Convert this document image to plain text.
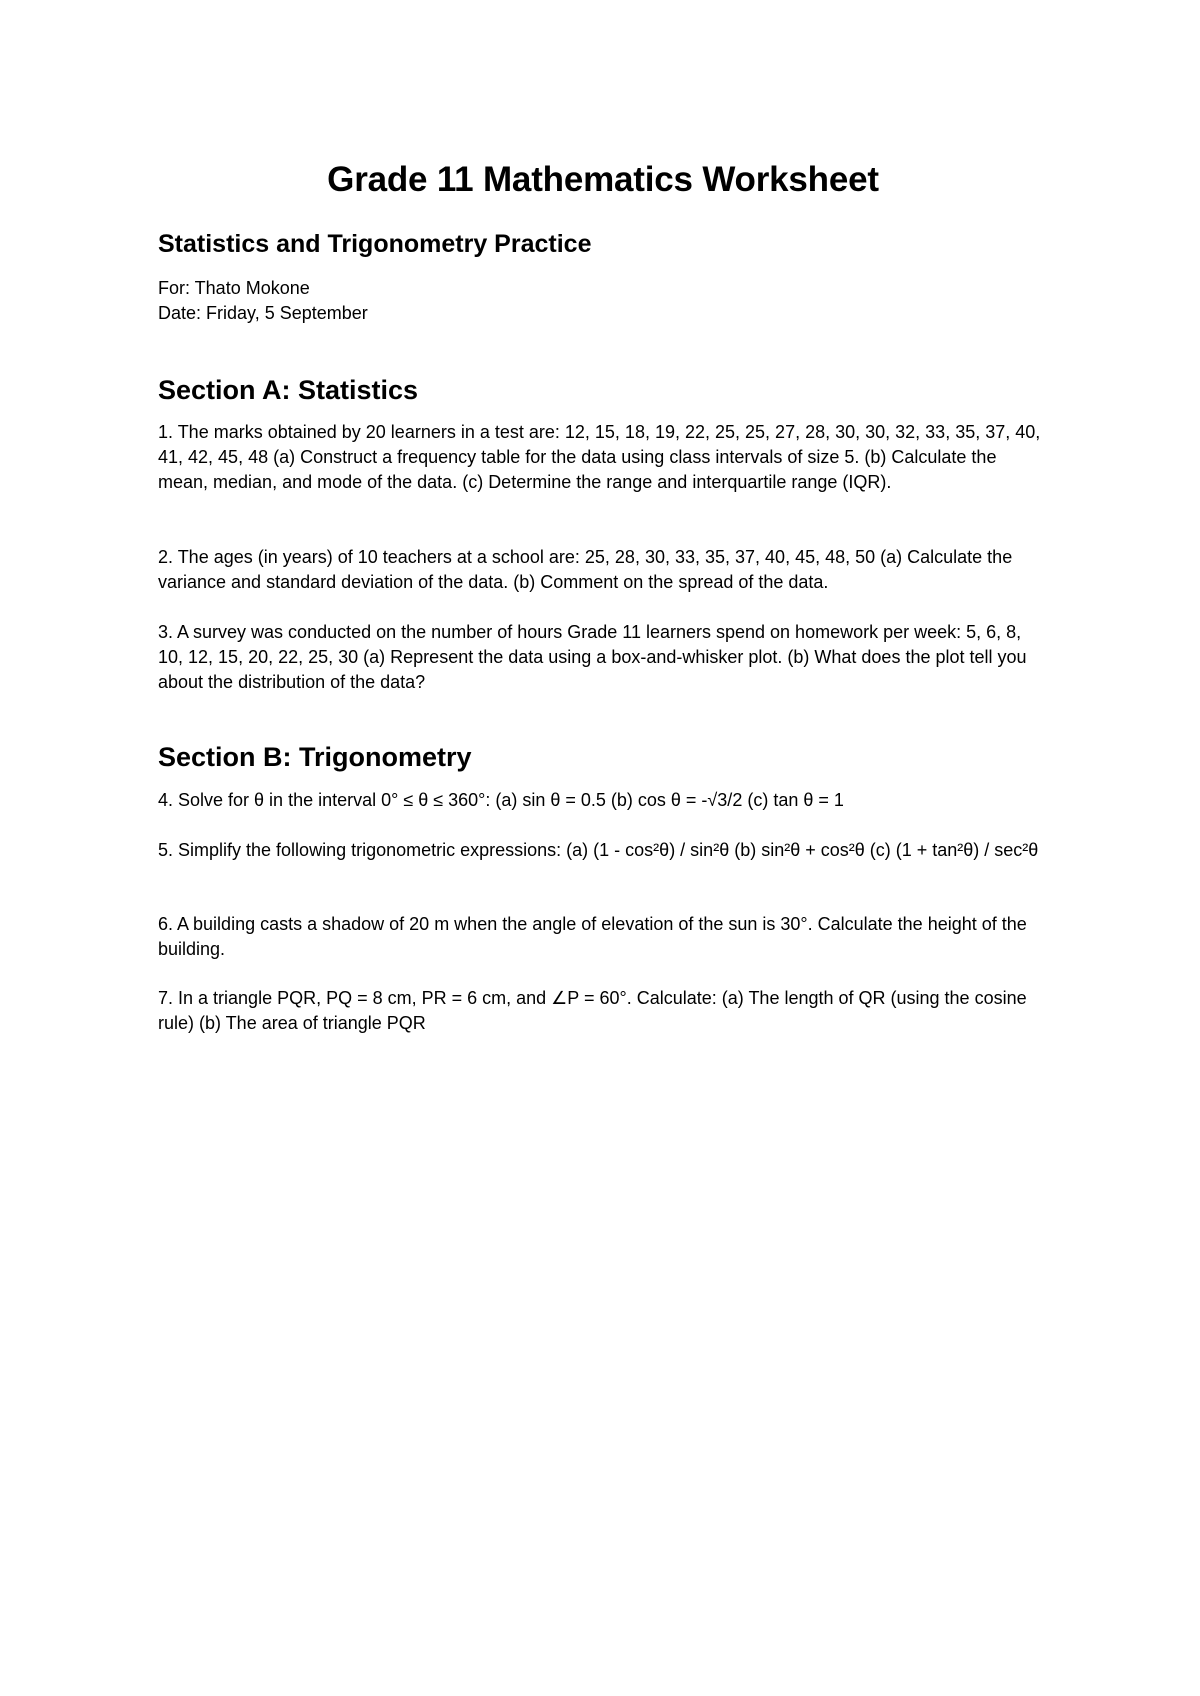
Grade 11 Mathematics Worksheet
Statistics and Trigonometry Practice
For: Thato Mokone
Date: Friday, 5 September
Section A: Statistics

1. The marks obtained by 20 learners in a test are: 12, 15, 18, 19, 22, 25, 25, 27, 28, 30, 30, 32, 33, 35, 37, 40, 41, 42, 45, 48 (a) Construct a frequency table for the data using class intervals of size 5. (b) Calculate the mean, median, and mode of the data. (c) Determine the range and interquartile range (IQR).

2. The ages (in years) of 10 teachers at a school are: 25, 28, 30, 33, 35, 37, 40, 45, 48, 50 (a) Calculate the variance and standard deviation of the data. (b) Comment on the spread of the data.

3. A survey was conducted on the number of hours Grade 11 learners spend on homework per week: 5, 6, 8, 10, 12, 15, 20, 22, 25, 30 (a) Represent the data using a box-and-whisker plot. (b) What does the plot tell you about the distribution of the data?

Section B: Trigonometry

4. Solve for θ in the interval 0° ≤ θ ≤ 360°: (a) sin θ = 0.5 (b) cos θ = -√3/2 (c) tan θ = 1

5. Simplify the following trigonometric expressions: (a) (1 - cos²θ) / sin²θ (b) sin²θ + cos²θ (c) (1 + tan²θ) / sec²θ

6. A building casts a shadow of 20 m when the angle of elevation of the sun is 30°. Calculate the height of the building.

7. In a triangle PQR, PQ = 8 cm, PR = 6 cm, and ∠P = 60°. Calculate: (a) The length of QR (using the cosine rule) (b) The area of triangle PQR
